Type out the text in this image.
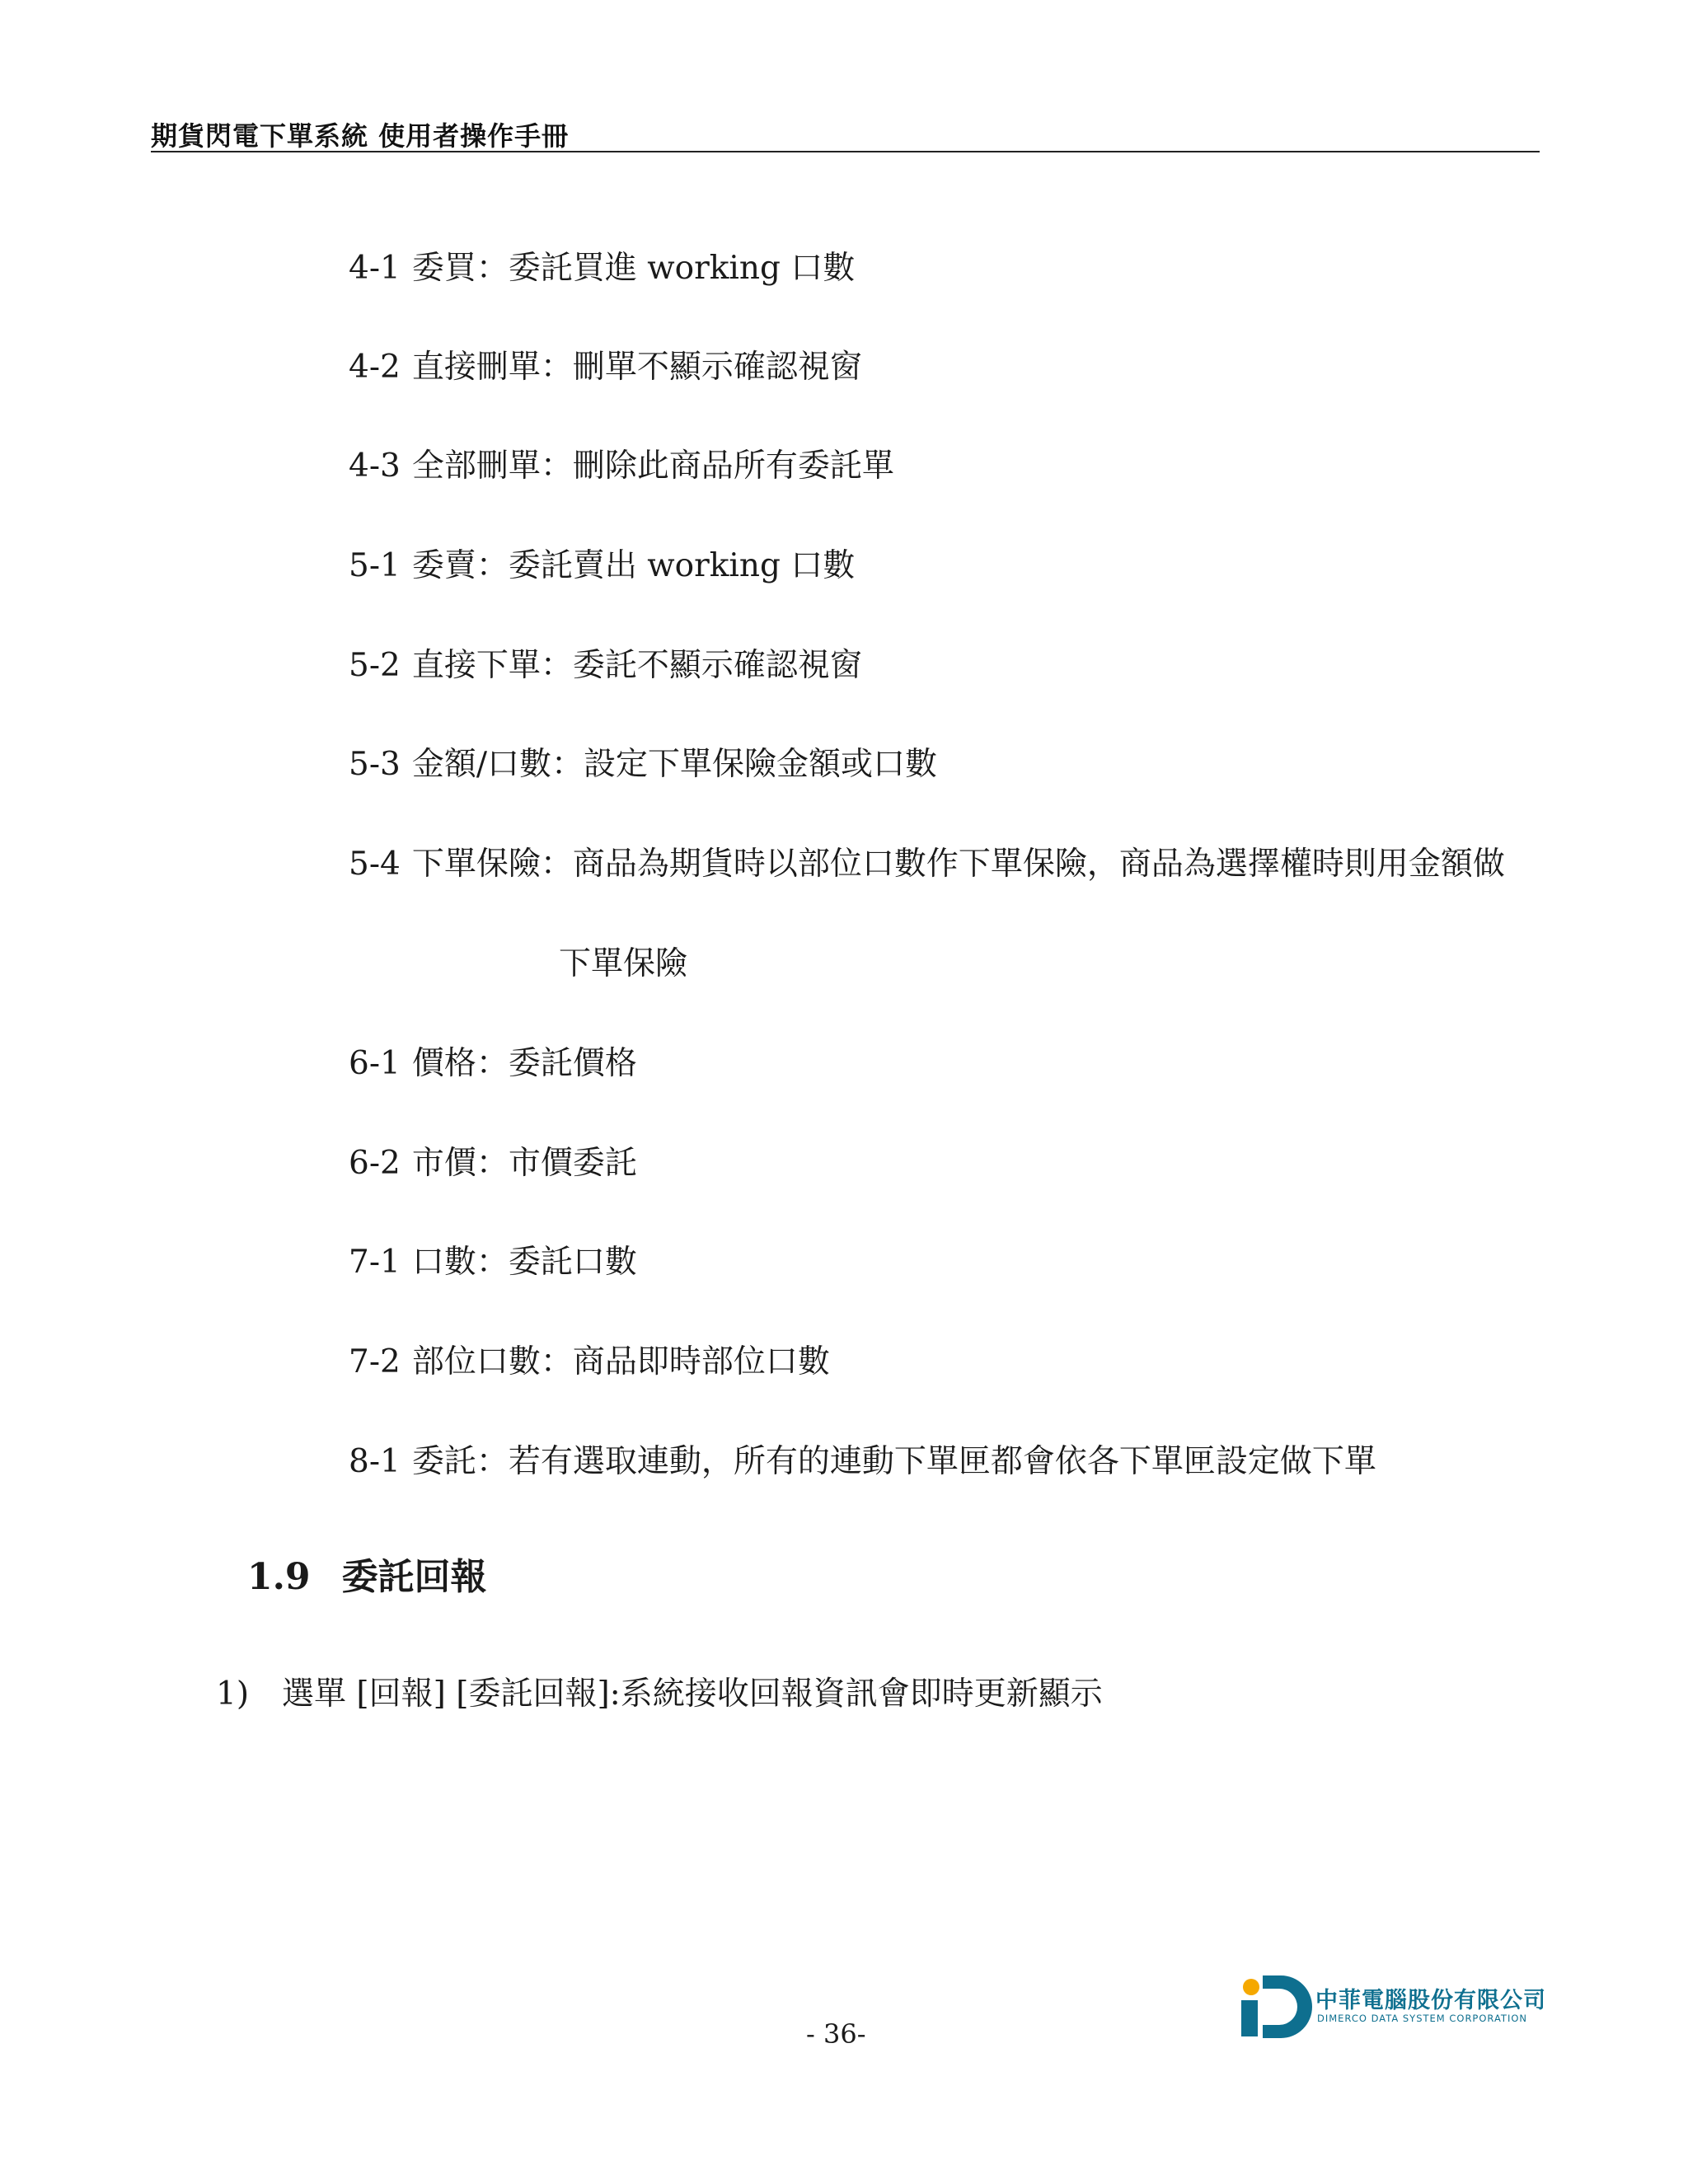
期貨閃電下單系統 使用者操作手冊
4-1 委買：委託買進 working 口數
4-2 直接刪單：刪單不顯示確認視窗
4-3 全部刪單：刪除此商品所有委託單
5-1 委賣：委託賣出 working 口數
5-2 直接下單：委託不顯示確認視窗
5-3 金額/口數：設定下單保險金額或口數
5-4 下單保險：商品為期貨時以部位口數作下單保險，商品為選擇權時則用金額做
下單保險
6-1 價格：委託價格
6-2 市價：市價委託
7-1 口數：委託口數
7-2 部位口數：商品即時部位口數
8-1 委託：若有選取連動，所有的連動下單匣都會依各下單匣設定做下單
1.9 委託回報
1) 選單 [回報] [委託回報]:系統接收回報資訊會即時更新顯示
- 36-
中菲電腦股份有限公司
DIMERCO DATA SYSTEM CORPORATION
